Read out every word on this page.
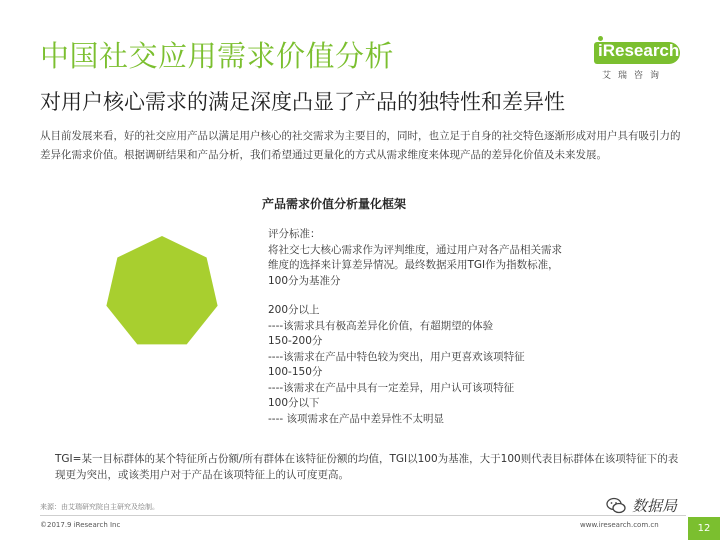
中国社交应用需求价值分析
对用户核心需求的满足深度凸显了产品的独特性和差异性
iResearch
艾瑞咨询
从目前发展来看，好的社交应用产品以满足用户核心的社交需求为主要目的，同时，也立足于自身的社交特色逐渐形成对用户具有吸引力的差异化需求价值。根据调研结果和产品分析，我们希望通过更量化的方式从需求维度来体现产品的差异化价值及未来发展。
产品需求价值分析量化框架
评分标准：
将社交七大核心需求作为评判维度，通过用户对各产品相关需求
维度的选择来计算差异情况。最终数据采用TGI作为指数标准，
100分为基准分
200分以上
----该需求具有极高差异化价值，有超期望的体验
150-200分
----该需求在产品中特色较为突出，用户更喜欢该项特征
100-150分
----该需求在产品中具有一定差异，用户认可该项特征
100分以下
---- 该项需求在产品中差异性不太明显
TGI=某一目标群体的某个特征所占份额/所有群体在该特征份额的均值，TGI以100为基准，大于100则代表目标群体在该项特征下的表现更为突出，或该类用户对于产品在该项特征上的认可度更高。
来源：由艾瑞研究院自主研究及绘制。
©2017.9 iResearch Inc	www.iresearch.com.cn
数据局
12
